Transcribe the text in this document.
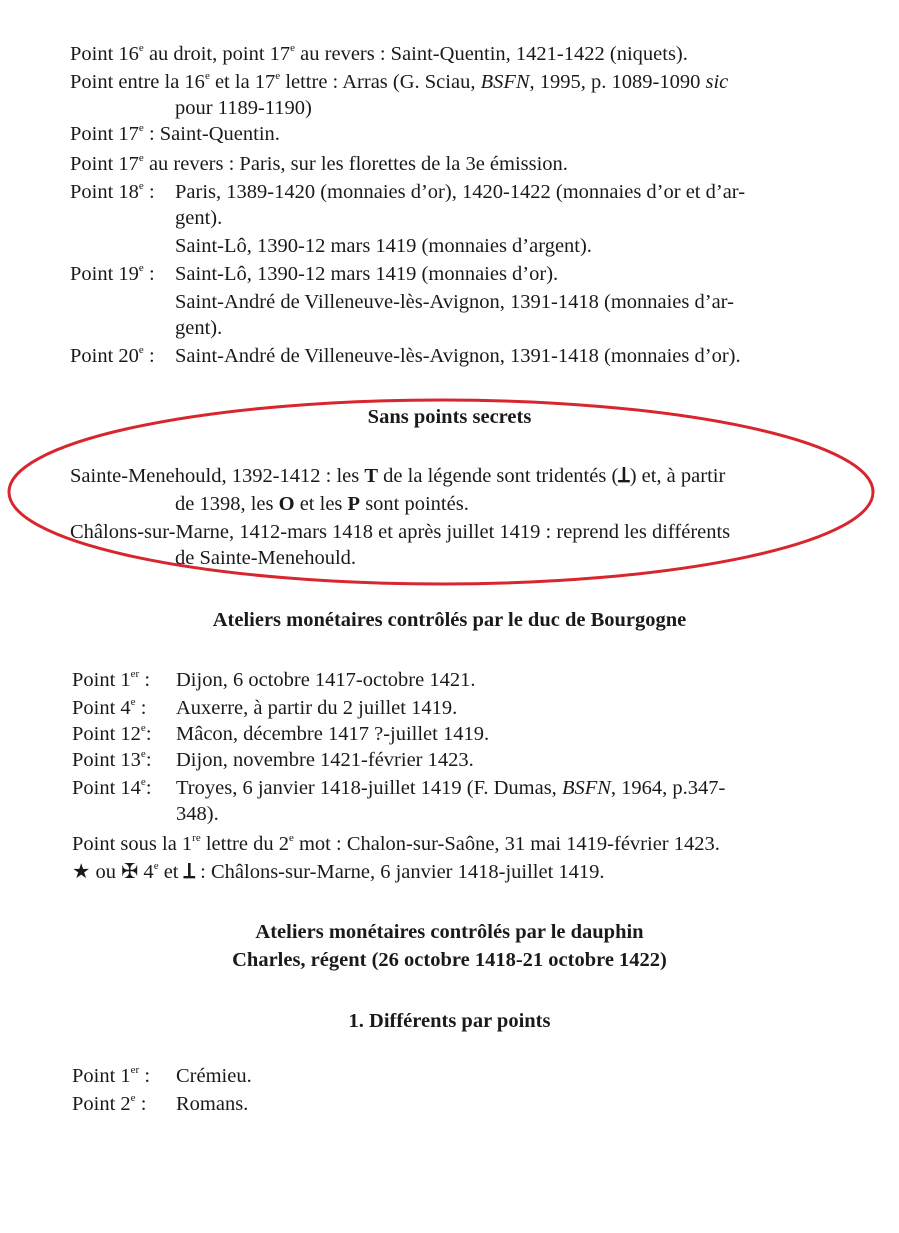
Point 16e au droit, point 17e au revers : Saint-Quentin, 1421-1422 (niquets).
Point entre la 16e et la 17e lettre : Arras (G. Sciau, BSFN, 1995, p. 1089-1090 sic
pour 1189-1190)
Point 17e : Saint-Quentin.
Point 17e au revers : Paris, sur les florettes de la 3e émission.
Point 18e : Paris, 1389-1420 (monnaies d’or), 1420-1422 (monnaies d’or et d’ar-
gent).
Saint-Lô, 1390-12 mars 1419 (monnaies d’argent).
Point 19e : Saint-Lô, 1390-12 mars 1419 (monnaies d’or).
Saint-André de Villeneuve-lès-Avignon, 1391-1418 (monnaies d’ar-
gent).
Point 20e : Saint-André de Villeneuve-lès-Avignon, 1391-1418 (monnaies d’or).
Sans points secrets
Sainte-Menehould, 1392-1412 : les T de la légende sont tridentés (Ʇ) et, à partir
de 1398, les O et les P sont pointés.
Châlons-sur-Marne, 1412-mars 1418 et après juillet 1419 : reprend les différents
de Sainte-Menehould.
Ateliers monétaires contrôlés par le duc de Bourgogne
Point 1er : Dijon, 6 octobre 1417-octobre 1421.
Point 4e : Auxerre, à partir du 2 juillet 1419.
Point 12e: Mâcon, décembre 1417 ?-juillet 1419.
Point 13e: Dijon, novembre 1421-février 1423.
Point 14e: Troyes, 6 janvier 1418-juillet 1419 (F. Dumas, BSFN, 1964, p.347-
348).
Point sous la 1re lettre du 2e mot : Chalon-sur-Saône, 31 mai 1419-février 1423.
★ ou ✠ 4e et Ʇ : Châlons-sur-Marne, 6 janvier 1418-juillet 1419.
Ateliers monétaires contrôlés par le dauphin
Charles, régent (26 octobre 1418-21 octobre 1422)
1. Différents par points
Point 1er : Crémieu.
Point 2e : Romans.
